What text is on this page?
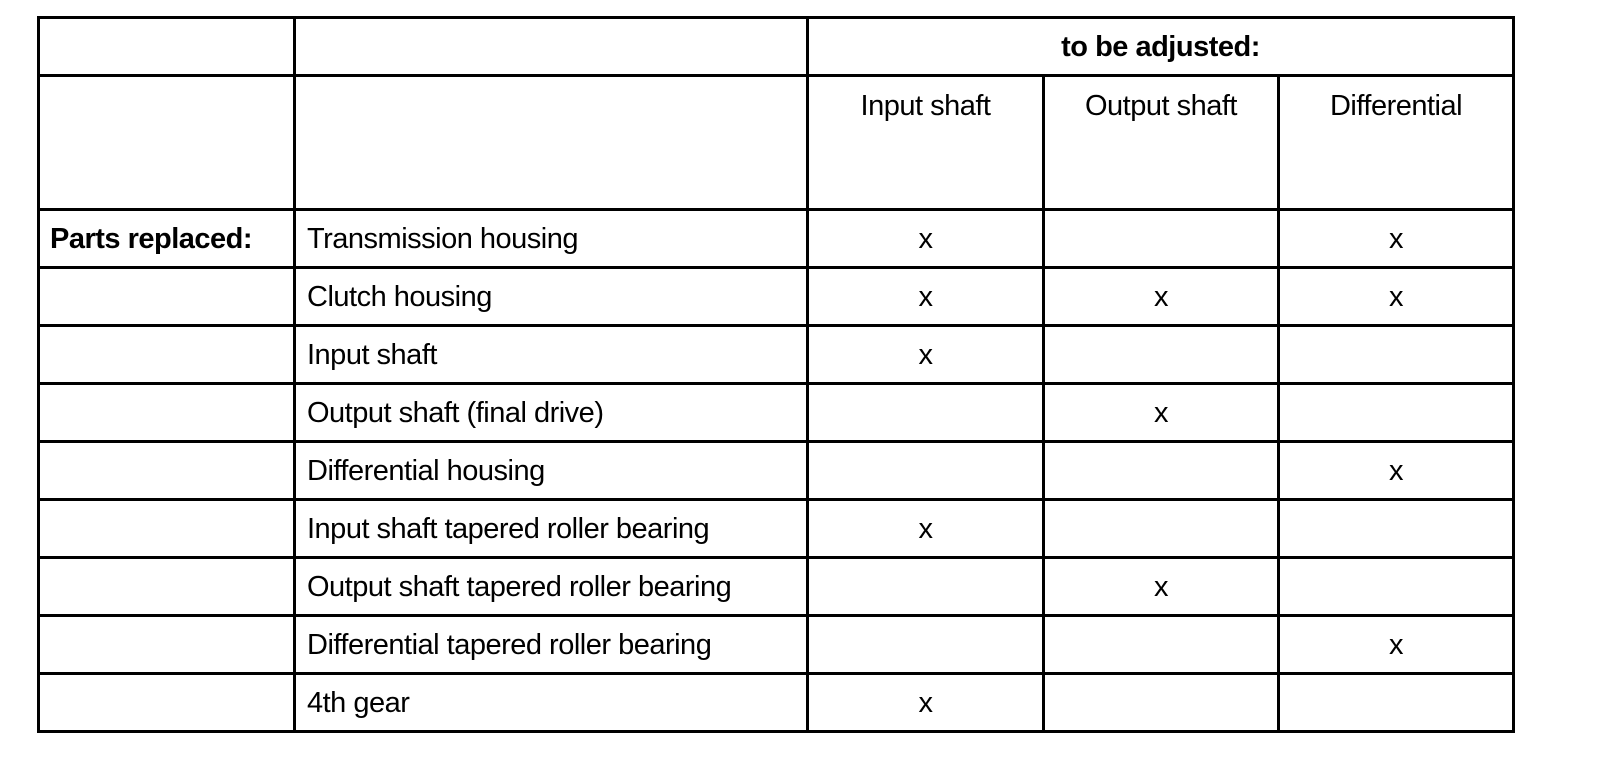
		to be adjusted:		
		Input shaft	Output shaft	Differential
Parts replaced:	Transmission housing	x		x
	Clutch housing	x	x	x
	Input shaft	x		
	Output shaft (final drive)		x	
	Differential housing			x
	Input shaft tapered roller bearing	x		
	Output shaft tapered roller bearing		x	
	Differential tapered roller bearing			x
	4th gear	x		
